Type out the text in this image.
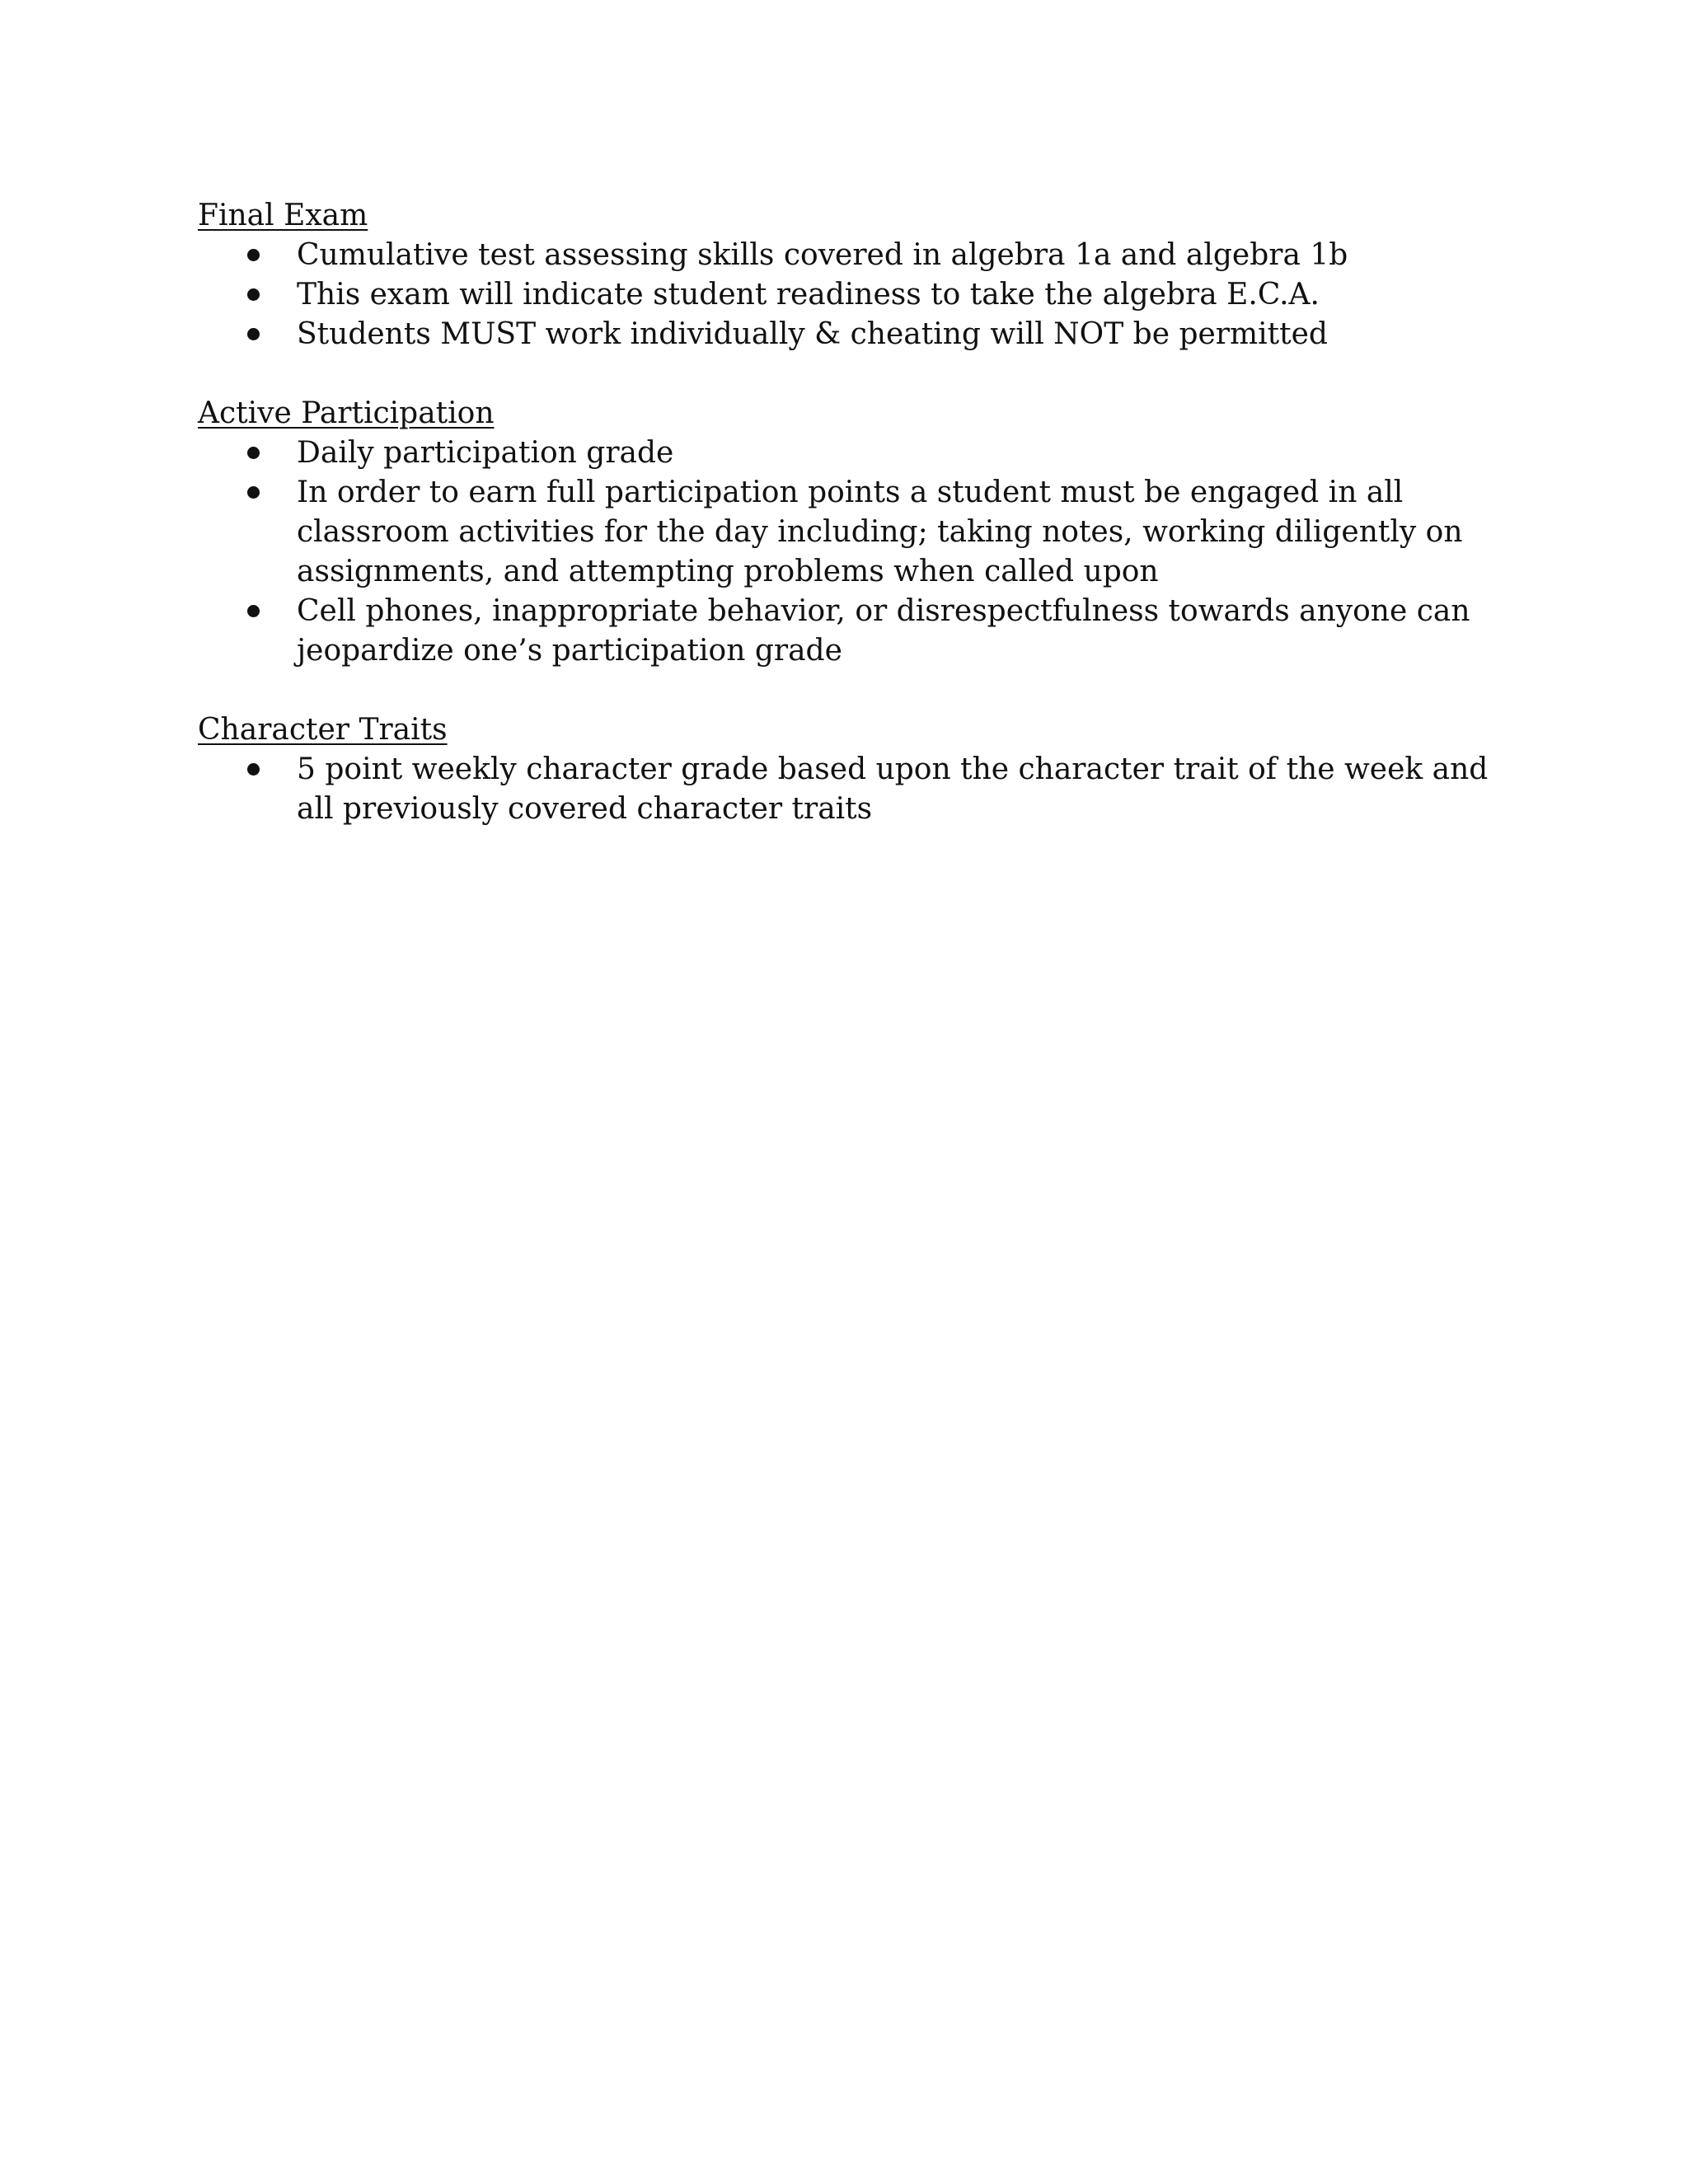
Final Exam
Cumulative test assessing skills covered in algebra 1a and algebra 1b
This exam will indicate student readiness to take the algebra E.C.A.
Students MUST work individually & cheating will NOT be permitted
Active Participation
Daily participation grade
In order to earn full participation points a student must be engaged in all classroom activities for the day including; taking notes, working diligently on assignments, and attempting problems when called upon
Cell phones, inappropriate behavior, or disrespectfulness towards anyone can jeopardize one’s participation grade
Character Traits
5 point weekly character grade based upon the character trait of the week and all previously covered character traits
